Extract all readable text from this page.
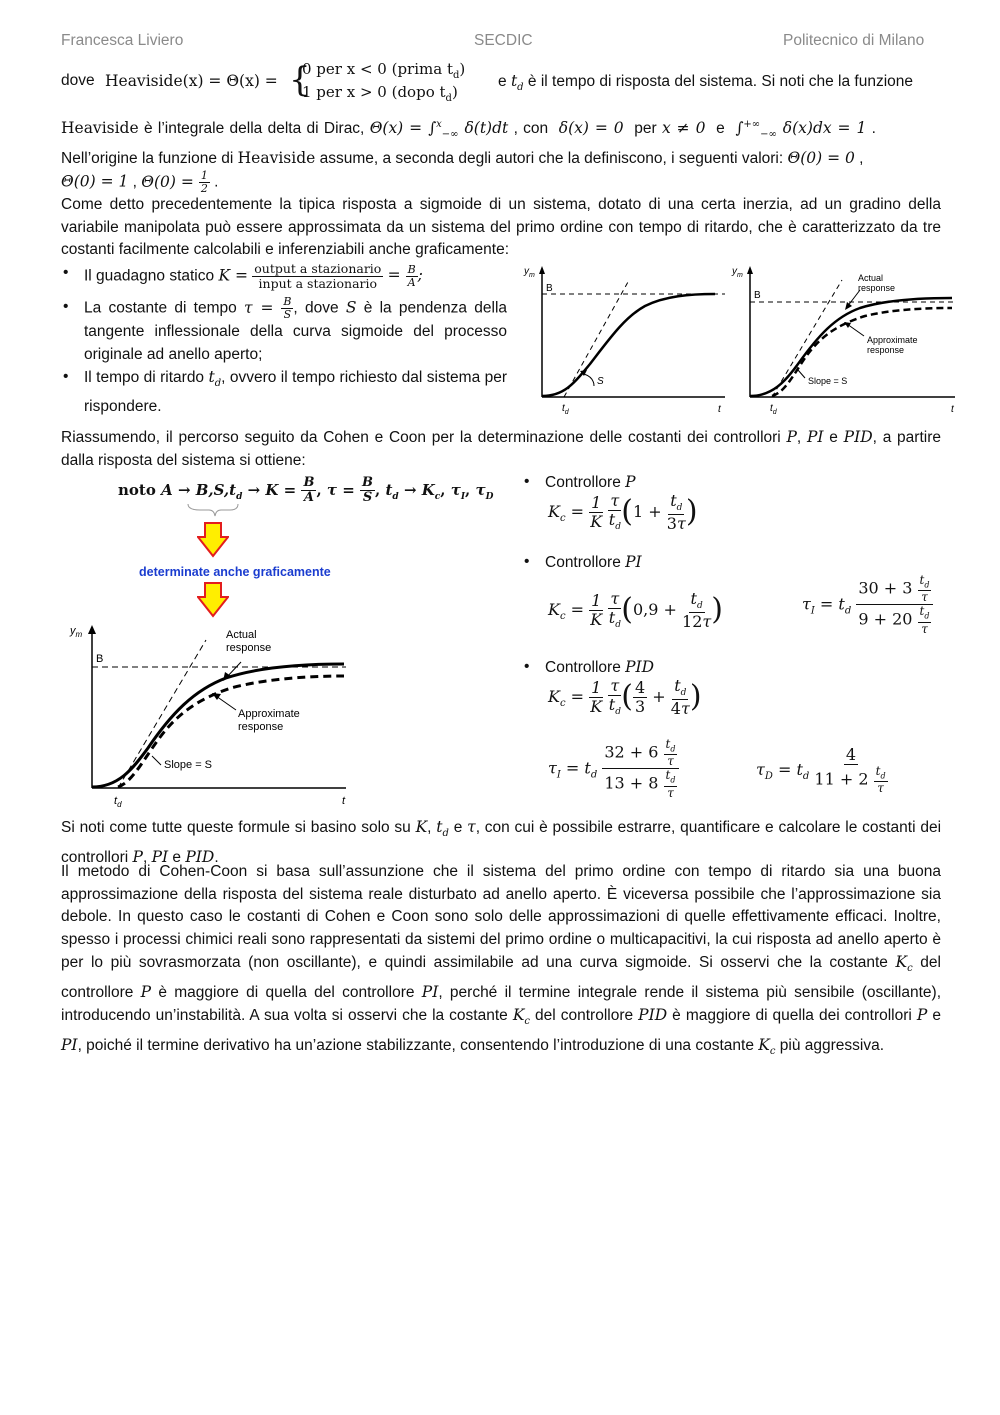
Francesca Liviero	SECDIC	Politecnico di Milano
dove Heaviside(x) = Θ(x) = {
0 per x < 0 (prima $t_d$)
1 per x > 0 (dopo $t_d$)
e $t_d$ è il tempo di risposta del sistema. Si noti che la funzione

Heaviside è l’integrale della delta di Dirac, Θ(x) = ∫$^x_{-\infty}$ δ(t)dt , con δ(x) = 0 per x ≠ 0 e $\int^{+\infty}_{-\infty}$ δ(x)dx = 1 .

Nell’origine la funzione di Heaviside assume, a seconda degli autori che la definiscono, i seguenti valori: Θ(0) = 0 ,

Θ(0) = 1 , $\Theta(0) = \frac{1}{2}$ .

Come detto precedentemente la tipica risposta a sigmoide di un sistema, dotato di una certa inerzia, ad un gradino della variabile manipolata può essere approssimata da un sistema del primo ordine con tempo di ritardo, che è caratterizzato da tre costanti facilmente calcolabili e inferenziabili anche graficamente:
• Il guadagno statico $K = \frac{\text{output a stazionario}}{\text{input a stazionario}} = \frac{B}{A}$ ;
• La costante di tempo $\tau = \frac{B}{S}$ , dove S è la pendenza della tangente inflessionale della curva sigmoide del processo originale ad anello aperto;
• Il tempo di ritardo $t_d$, ovvero il tempo richiesto dal sistema per rispondere.
$y_m$
B
S
$t_d$	t
$y_m$
B
Actual
response
Approximate
response
Slope = S
$t_d$	t
Riassumendo, il percorso seguito da Cohen e Coon per la determinazione delle costanti dei controllori P, PI e PID, a partire dalla risposta del sistema si ottiene:
noto $A \to B,S,t_d \to K = \frac{B}{A}$ , $\tau = \frac{B}{S}$ , $t_d \to K_c$, $\tau_I$, $\tau_D$
determinate anche graficamente
$y_m$
B
Actual
response
Approximate
response
Slope = S
$t_d$	t
• Controllore P
$K_c = \frac{1}{K}$
$\frac{\tau}{t_d} (1 + \frac{t_d}{3\tau}$ )
• Controllore PI
$K_c = \frac{1}{K}$
$\frac{\tau}{t_d} (0,9 + \frac{t_d}{12\tau}$ )	$\tau_I = t_d \frac{30 + 3 \frac{t_d}{\tau}}{9 + 20 \frac{t_d}{\tau}}$
• Controllore PID
$K_c = \frac{1}{K}$
$\frac{\tau}{t_d}$ ( $\frac{4}{3} + \frac{t_d}{4\tau}$ )
$\tau_I = t_d \frac{32 + 6 \frac{t_d}{\tau}}{13 + 8 \frac{t_d}{\tau}}$	$\tau_D = t_d \frac{4}{11 + 2 \frac{t_d}{\tau}}$
Si noti come tutte queste formule si basino solo su K, $t_d$ e τ, con cui è possibile estrarre, quantificare e calcolare le costanti dei controllori P, PI e PID.
Il metodo di Cohen-Coon si basa sull’assunzione che il sistema del primo ordine con tempo di ritardo sia una buona approssimazione della risposta del sistema reale disturbato ad anello aperto. È viceversa possibile che l’approssimazione sia debole. In questo caso le costanti di Cohen e Coon sono solo delle approssimazioni di quelle effettivamente efficaci. Inoltre, spesso i processi chimici reali sono rappresentati da sistemi del primo ordine o multicapacitivi, la cui risposta ad anello aperto è per lo più sovrasmorzata (non oscillante), e quindi assimilabile ad una curva sigmoide. Si osservi che la costante $K_c$ del controllore P è maggiore di quella del controllore PI, perché il termine integrale rende il sistema più sensibile (oscillante), introducendo un’instabilità. A sua volta si osservi che la costante $K_c$ del controllore PID è maggiore di quella dei controllori P e PI, poiché il termine derivativo ha un’azione stabilizzante, consentendo l’introduzione di una costante $K_c$ più aggressiva.
